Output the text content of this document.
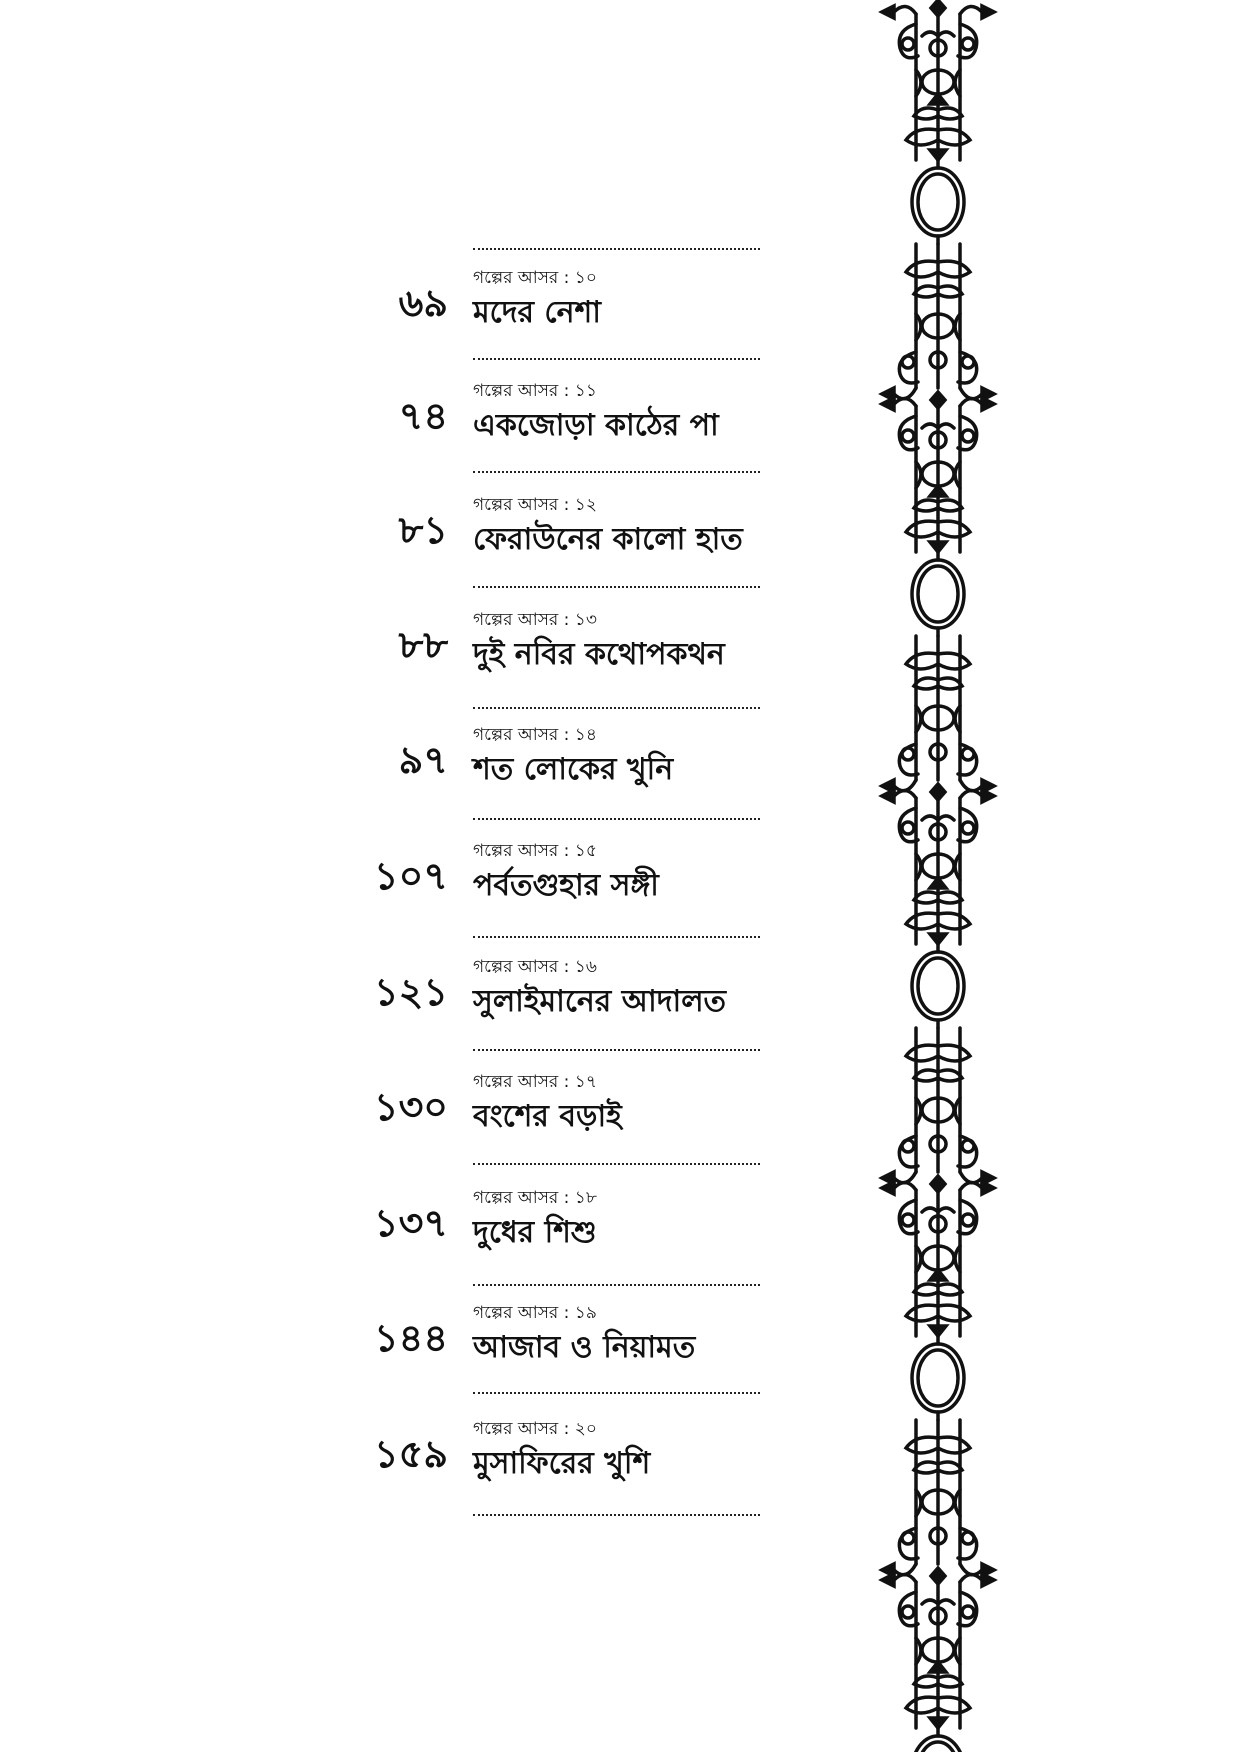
৬৯
গল্পের আসর : ১০
মদের নেশা
৭৪
গল্পের আসর : ১১
একজোড়া কাঠের পা
৮১
গল্পের আসর : ১২
ফেরাউনের কালো হাত
৮৮
গল্পের আসর : ১৩
দুই নবির কথোপকথন
৯৭
গল্পের আসর : ১৪
শত লোকের খুনি
১০৭
গল্পের আসর : ১৫
পর্বতগুহার সঙ্গী
১২১
গল্পের আসর : ১৬
সুলাইমানের আদালত
১৩০
গল্পের আসর : ১৭
বংশের বড়াই
১৩৭
গল্পের আসর : ১৮
দুধের শিশু
১৪৪
গল্পের আসর : ১৯
আজাব ও নিয়ামত
১৫৯
গল্পের আসর : ২০
মুসাফিরের খুশি
